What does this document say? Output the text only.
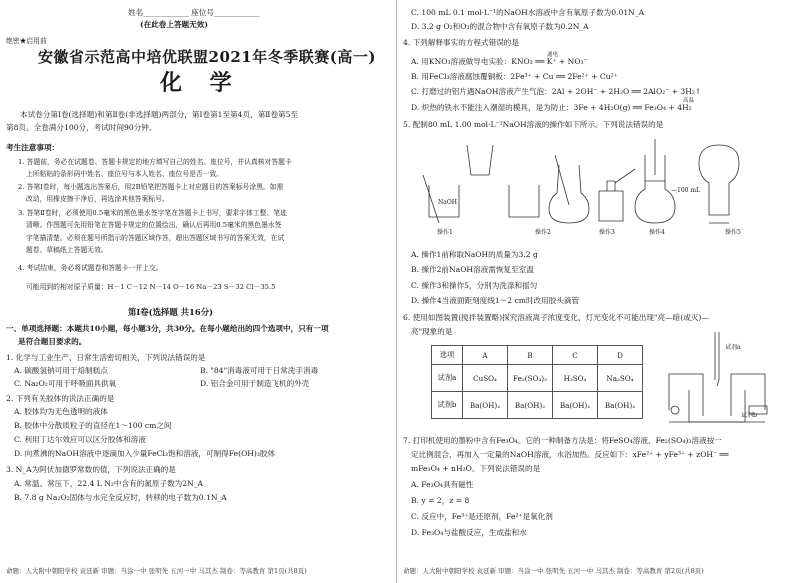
姓名____________ 座位号____________
(在此卷上答题无效)
绝密★启用前
安徽省示范高中培优联盟2021年冬季联赛(高一)
化 学
本试卷分第Ⅰ卷(选择题)和第Ⅱ卷(非选择题)两部分，第Ⅰ卷第1至第4页，第Ⅱ卷第5至
第8页。全卷满分100分，考试时间90分钟。
考生注意事项：
1. 答题前，务必在试题卷、答题卡规定的地方填写自己的姓名、座位号，并认真核对答题卡
上所粘贴的条形码中姓名、座位号与本人姓名、座位号是否一致。
2. 答第Ⅰ卷时，每小题选出答案后，用2B铅笔把答题卡上对应题目的答案标号涂黑。如需
改动，用橡皮擦干净后，再选涂其他答案标号。
3. 答第Ⅱ卷时，必须使用0.5毫米的黑色墨水签字笔在答题卡上书写，要求字体工整、笔迹
清晰。作图题可先用铅笔在答题卡规定的位置绘出，确认后再用0.5毫米的黑色墨水签
字笔描清楚。必须在题号所指示的答题区域作答，超出答题区域书写的答案无效，在试
题卷、草稿纸上答题无效。
4. 考试结束，务必将试题卷和答题卡一并上交。
可能用到的相对原子质量：H－1 C－12 N－14 O－16 Na－23 S－32 Cl－35.5
第Ⅰ卷(选择题 共16分)
一、单项选择题：本题共10小题，每小题3分，共30分。在每小题给出的四个选项中，只有一项
是符合题目要求的。
1. 化学与工业生产、日常生活密切相关，下列说法错误的是
A. 碳酸氢钠可用于焙制糕点	B. "84"消毒液可用于日常洗手消毒
C. Na₂O₂可用于呼吸面具供氧	D. 铝合金可用于制造飞机的外壳
2. 下列有关胶体的说法正确的是
A. 胶体均为无色透明的液体
B. 胶体中分散质粒子的直径在1～100 cm之间
C. 利用丁达尔效应可以区分胶体和溶液
D. 向煮沸的NaOH溶液中逐滴加入少量FeCl₃饱和溶液，可制得Fe(OH)₃胶体
3. N_A为阿伏加德罗常数的值，下列说法正确的是
A. 常温、常压下，22.4 L N₂中含有的氮原子数为2N_A
B. 7.8 g Na₂O₂固体与水完全反应时，转移的电子数为0.1N_A
命题：人大附中朝阳学校 袁廷新 审题：当涂一中 张明先 五河一中 马其杰 制卷：等高教育 第1页(共8页)
C. 100 mL 0.1 mol·L⁻¹的NaOH水溶液中含有氧原子数为0.01N_A
D. 3.2 g O₂和O₃的混合物中含有氧原子数为0.2N_A
4. 下列解释事实的方程式错误的是
通电
A. 用KNO₃溶液做导电实验：KNO₃ ══ K⁺ + NO₃⁻
B. 用FeCl₃溶液腐蚀覆铜板：2Fe³⁺ + Cu ══ 2Fe²⁺ + Cu²⁺
C. 打磨过的铝片遇NaOH溶液产生气泡：2Al + 2OH⁻ + 2H₂O ══ 2AlO₂⁻ + 3H₂↑
高温
D. 炽热的铁水不能注入潮湿的模具，是为防止：3Fe + 4H₂O(g) ══ Fe₃O₄ + 4H₂
5. 配制80 mL 1.00 mol·L⁻¹NaOH溶液的操作如下所示。下列说法错误的是
NaOH
—100 mL
操作1	操作2	操作3	操作4	操作5
A. 操作1前称取NaOH的质量为3.2 g
B. 操作2前NaOH溶液需恢复至室温
C. 操作3和操作5，分别为洗涤和摇匀
D. 操作4当液面距刻度线1～2 cm时改用胶头滴管
6. 使用如图装置(搅拌装置略)探究溶液离子浓度变化，灯光变化不可能出现"亮—暗(或灭)—
亮"现象的是
选项	A	B	C	D
试剂a	CuSO₄	Fe₂(SO₄)₃	H₂SO₄	Na₂SO₄
试剂b	Ba(OH)₂	Ba(OH)₂	Ba(OH)₂	Ba(OH)₂
试剂a
试剂b
7. 打印机使用的墨粉中含有Fe₃O₄。它的一种制备方法是：将FeSO₄溶液、Fe₂(SO₄)₃溶液按一
定比例混合，再加入一定量的NaOH溶液，水浴加热。反应如下：xFe²⁺ + yFe³⁺ + zOH⁻ ══
mFe₃O₄ + nH₂O。下列说法错误的是
A. Fe₃O₄具有磁性
B. y = 2，z = 8
C. 反应中，Fe³⁺是还原剂，Fe²⁺是氧化剂
D. Fe₃O₄与盐酸反应，生成盐和水
命题：人大附中朝阳学校 袁廷新 审题：当涂一中 张明先 五河一中 马其杰 制卷：等高教育 第2页(共8页)
